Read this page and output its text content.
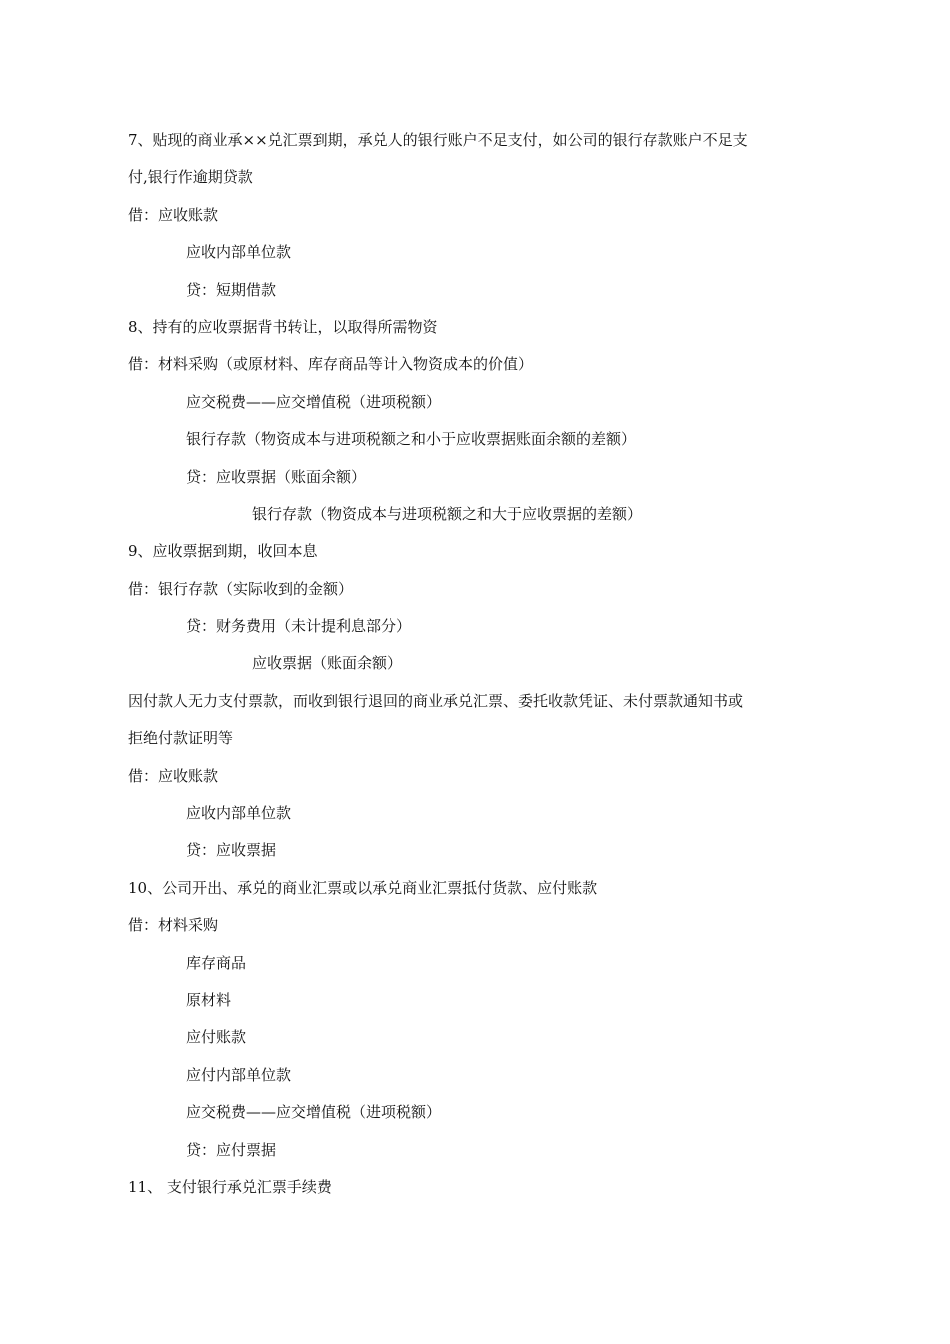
7、贴现的商业承××兑汇票到期，承兑人的银行账户不足支付，如公司的银行存款账户不足支
付,银行作逾期贷款
借：应收账款
应收内部单位款
贷：短期借款
8、持有的应收票据背书转让，以取得所需物资
借：材料采购（或原材料、库存商品等计入物资成本的价值）
应交税费——应交增值税（进项税额）
银行存款（物资成本与进项税额之和小于应收票据账面余额的差额）
贷：应收票据（账面余额）
银行存款（物资成本与进项税额之和大于应收票据的差额）
9、应收票据到期，收回本息
借：银行存款（实际收到的金额）
贷：财务费用（未计提利息部分）
应收票据（账面余额）
因付款人无力支付票款，而收到银行退回的商业承兑汇票、委托收款凭证、未付票款通知书或
拒绝付款证明等
借：应收账款
应收内部单位款
贷：应收票据
10、公司开出、承兑的商业汇票或以承兑商业汇票抵付货款、应付账款
借：材料采购
库存商品
原材料
应付账款
应付内部单位款
应交税费——应交增值税（进项税额）
贷：应付票据
11、 支付银行承兑汇票手续费
